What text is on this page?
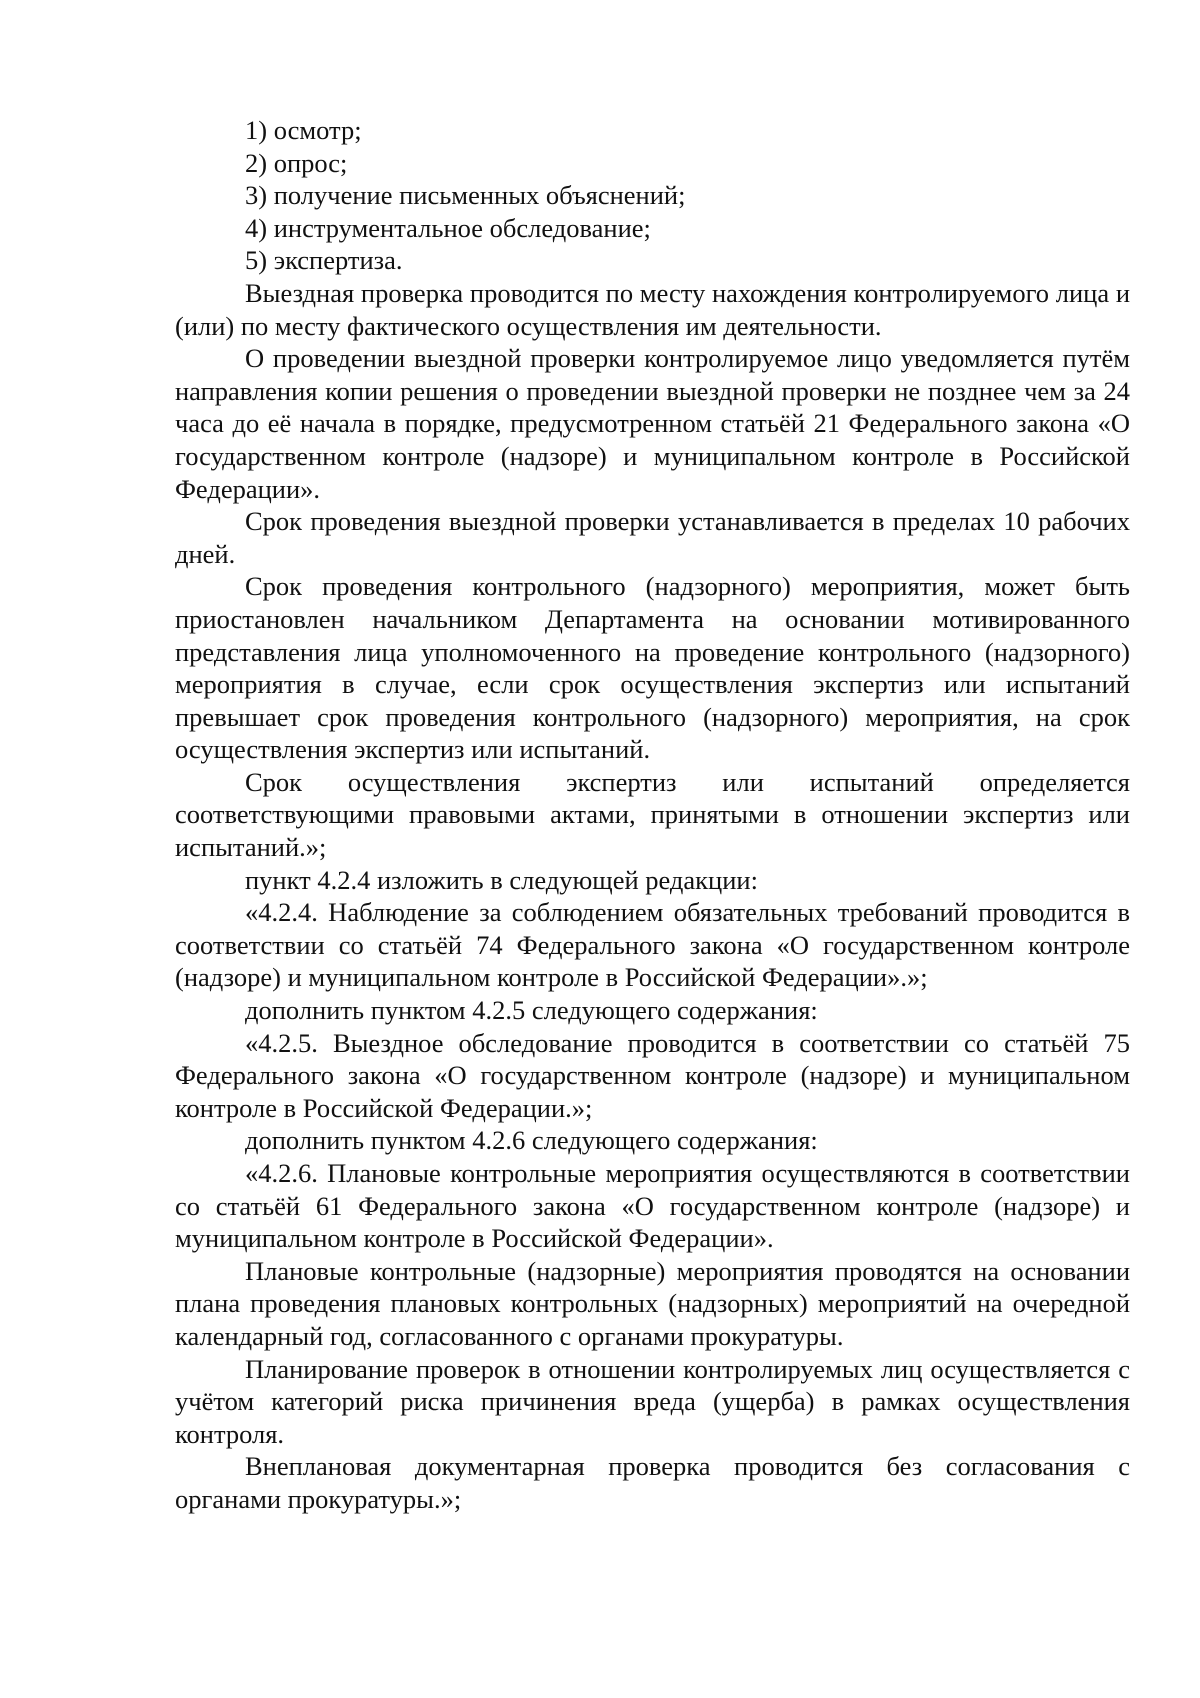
1) осмотр;

2) опрос;

3) получение письменных объяснений;

4) инструментальное обследование;

5) экспертиза.

Выездная проверка проводится по месту нахождения контролируемого лица и (или) по месту фактического осуществления им деятельности.

О проведении выездной проверки контролируемое лицо уведомляется путём направления копии решения о проведении выездной проверки не позднее чем за 24 часа до её начала в порядке, предусмотренном статьёй 21 Федерального закона «О государственном контроле (надзоре) и муниципальном контроле в Российской Федерации».

Срок проведения выездной проверки устанавливается в пределах 10 рабочих дней.

Срок проведения контрольного (надзорного) мероприятия, может быть приостановлен начальником Департамента на основании мотивированного представления лица уполномоченного на проведение контрольного (надзорного) мероприятия в случае, если срок осуществления экспертиз или испытаний превышает срок проведения контрольного (надзорного) мероприятия, на срок осуществления экспертиз или испытаний.

Срок осуществления экспертиз или испытаний определяется соответствующими правовыми актами, принятыми в отношении экспертиз или испытаний.»;

пункт 4.2.4 изложить в следующей редакции:

«4.2.4. Наблюдение за соблюдением обязательных требований проводится в соответствии со статьёй 74 Федерального закона «О государственном контроле (надзоре) и муниципальном контроле в Российской Федерации».»;

дополнить пунктом 4.2.5 следующего содержания:

«4.2.5. Выездное обследование проводится в соответствии со статьёй 75 Федерального закона «О государственном контроле (надзоре) и муниципальном контроле в Российской Федерации.»;

дополнить пунктом 4.2.6 следующего содержания:

«4.2.6. Плановые контрольные мероприятия осуществляются в соответствии со статьёй 61 Федерального закона «О государственном контроле (надзоре) и муниципальном контроле в Российской Федерации».

Плановые контрольные (надзорные) мероприятия проводятся на основании плана проведения плановых контрольных (надзорных) мероприятий на очередной календарный год, согласованного с органами прокуратуры.

Планирование проверок в отношении контролируемых лиц осуществляется с учётом категорий риска причинения вреда (ущерба) в рамках осуществления контроля.

Внеплановая документарная проверка проводится без согласования с органами прокуратуры.»;
